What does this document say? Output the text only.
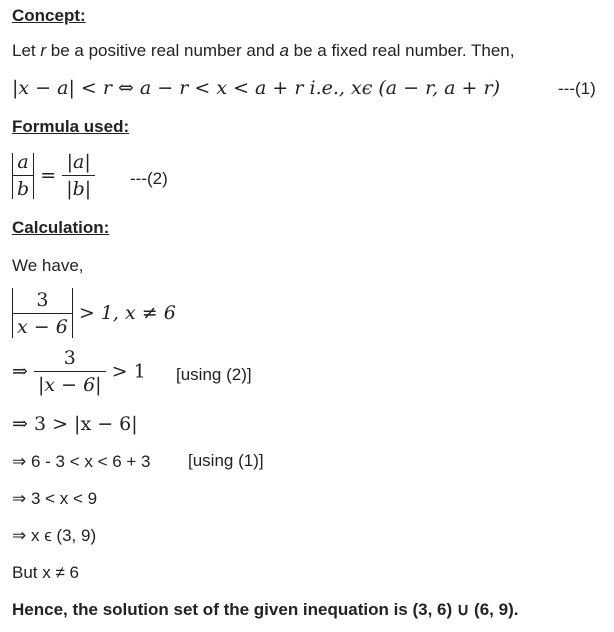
Concept:
Let r be a positive real number and a be a fixed real number. Then,
|x − a| < r ⇔ a − r < x < a + r i.e., xϵ (a − r, a + r)	---(1)
Formula used:
$\frac{a}{b} = \frac{|a|}{|b|} ---(2)$
Calculation:
We have,
$\frac{3}{x - 6} > 1$, x ≠ 6
⇒ $\frac{3}{|x - 6|} > 1$ [using (2)]
⇒ 3 > |x − 6|
⇒ 6 - 3 < x < 6 + 3 [using (1)]
⇒ 3 < x < 9
⇒ x ϵ (3, 9)
But x ≠ 6
Hence, the solution set of the given inequation is (3, 6) ∪ (6, 9).
